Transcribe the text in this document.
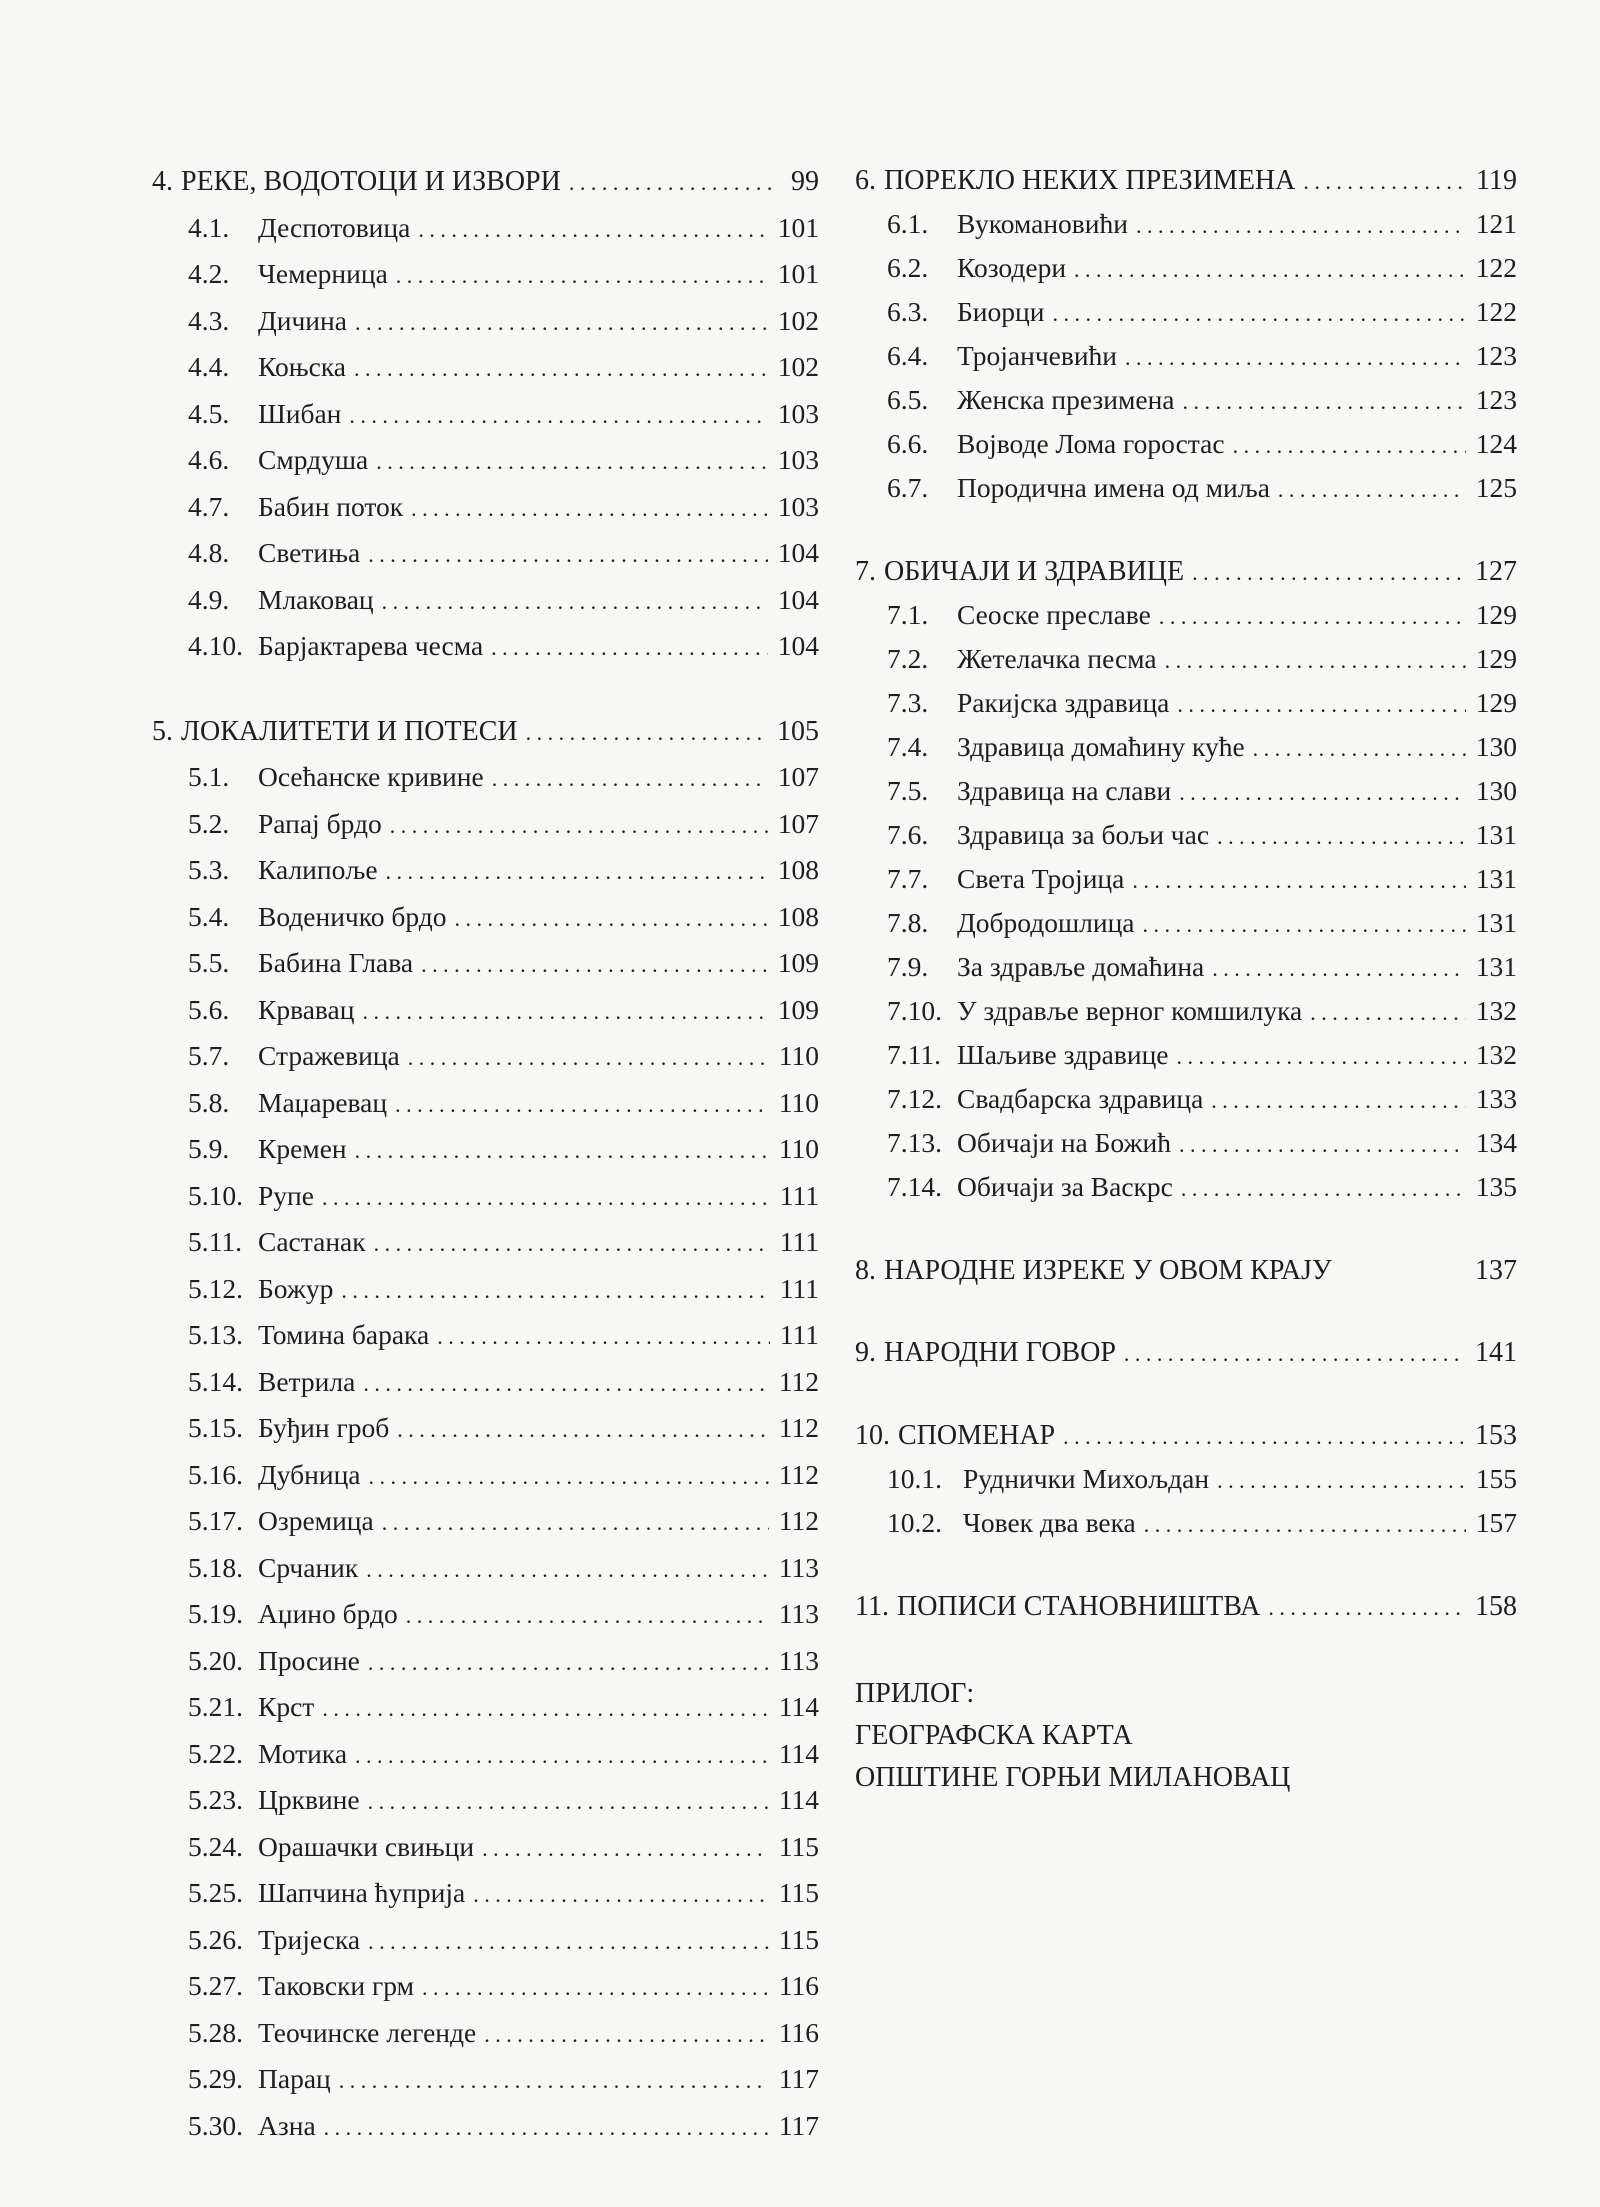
4. РЕКЕ, ВОДОТОЦИ И ИЗВОРИ . . .	99
4.1.	Деспотовица . . .	101
4.2.	Чемерница . . .	101
4.3.	Дичина . . .	102
4.4.	Коњска . . .	102
4.5.	Шибан . . .	103
4.6.	Смрдуша . . .	103
4.7.	Бабин поток . . .	103
4.8.	Светиња . . .	104
4.9.	Млаковац . . .	104
4.10. Барјактарева чесма . . .	104
5. ЛОКАЛИТЕТИ И ПОТЕСИ . . .	105
5.1.	Осећанске кривине . . .	107
5.2.	Рапај брдо . . .	107
5.3.	Калипоље . . .	108
5.4.	Воденичко брдо . . .	108
5.5.	Бабина Глава . . .	109
5.6.	Крвавац . . .	109
5.7.	Стражевица . . .	110
5.8.	Маџаревац . . .	110
5.9.	Кремен . . .	110
5.10. Рупе . . .	111
5.11. Састанак . . .	111
5.12. Божур . . .	111
5.13. Томина барака . . .	111
5.14. Ветрила . . .	112
5.15. Буђин гроб . . .	112
5.16. Дубница . . .	112
5.17. Озремица . . .	112
5.18. Срчаник . . .	113
5.19. Аџино брдо . . .	113
5.20. Просине . . .	113
5.21. Крст . . .	114
5.22. Мотика . . .	114
5.23. Црквине . . .	114
5.24. Орашачки свињци . . .	115
5.25. Шапчина ћуприја . . .	115
5.26. Тријеска . . .	115
5.27. Таковски грм . . .	116
5.28. Теочинске легенде . . .	116
5.29. Парац . . .	117
5.30. Азна . . .	117
6. ПОРЕКЛО НЕКИХ ПРЕЗИМЕНА . . .	119
6.1.	Вукомановићи . . .	121
6.2.	Козодери . . .	122
6.3.	Биорци . . .	122
6.4.	Тројанчевићи . . .	123
6.5.	Женска презимена . . .	123
6.6.	Војводе Лома горостас . . .	124
6.7.	Породична имена од миља . . .	125
7. ОБИЧАЈИ И ЗДРАВИЦЕ . . .	127
7.1.	Сеоске преславе . . .	129
7.2.	Жетелачка песма . . .	129
7.3.	Ракијска здравица . . .	129
7.4.	Здравица домаћину куће . . .	130
7.5.	Здравица на слави . . .	130
7.6.	Здравица за бољи час . . .	131
7.7.	Света Тројица . . .	131
7.8.	Добродошлица . . .	131
7.9.	За здравље домаћина . . .	131
7.10. У здравље верног комшилука . . .	132
7.11. Шаљиве здравице . . .	132
7.12. Свадбарска здравица . . .	133
7.13. Обичаји на Божић . . .	134
7.14. Обичаји за Васкрс . . .	135
8. НАРОДНЕ ИЗРЕКЕ У ОВОМ КРАЈУ	137
9. НАРОДНИ ГОВОР . . .	141
10. СПОМЕНАР . . .	153
10.1. Руднички Михољдан . . .	155
10.2. Човек два века . . .	157
11. ПОПИСИ СТАНОВНИШТВА . . .	158
ПРИЛОГ:
ГЕОГРАФСКА КАРТА
ОПШТИНЕ ГОРЊИ МИЛАНОВАЦ
